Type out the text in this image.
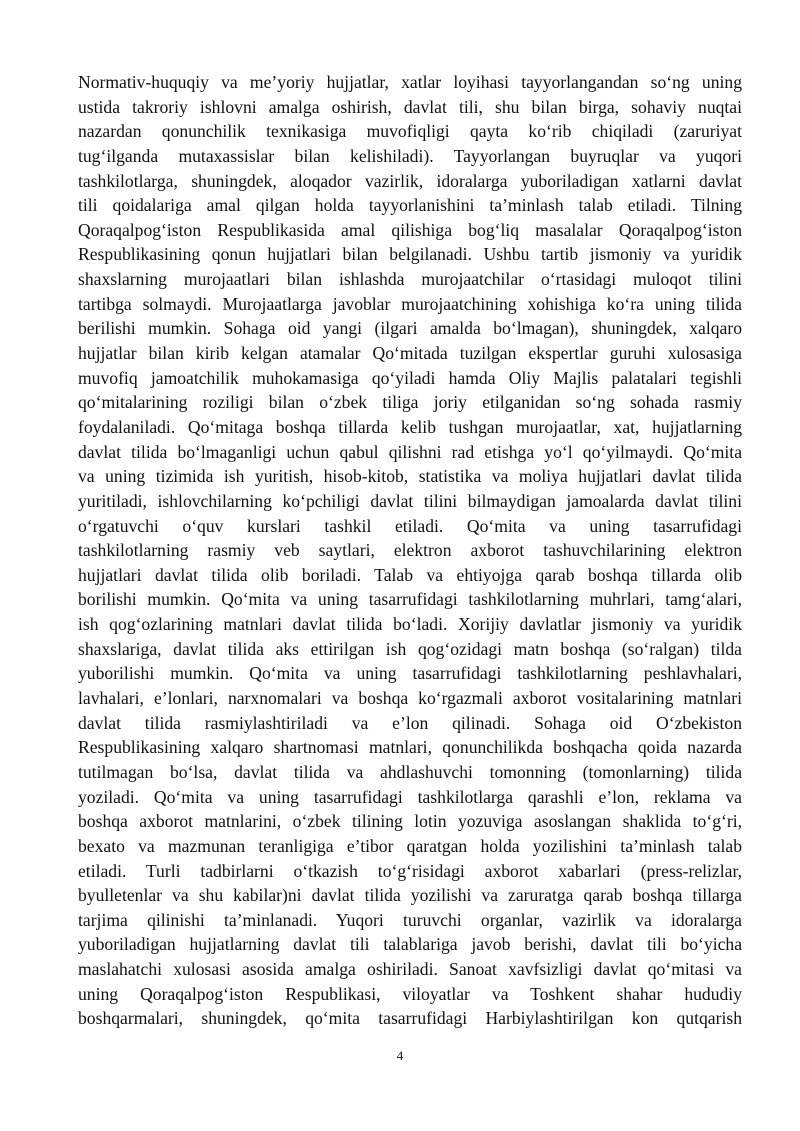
Normativ-huquqiy va me’yoriy hujjatlar, xatlar loyihasi tayyorlangandan so‘ng uning
ustida takroriy ishlovni amalga oshirish, davlat tili, shu bilan birga, sohaviy nuqtai
nazardan qonunchilik texnikasiga muvofiqligi qayta ko‘rib chiqiladi (zaruriyat
tug‘ilganda mutaxassislar bilan kelishiladi). Tayyorlangan buyruqlar va yuqori
tashkilotlarga, shuningdek, aloqador vazirlik, idoralarga yuboriladigan xatlarni davlat
tili qoidalariga amal qilgan holda tayyorlanishini ta’minlash talab etiladi. Tilning
Qoraqalpog‘iston Respublikasida amal qilishiga bog‘liq masalalar Qoraqalpog‘iston
Respublikasining qonun hujjatlari bilan belgilanadi. Ushbu tartib jismoniy va yuridik
shaxslarning murojaatlari bilan ishlashda murojaatchilar o‘rtasidagi muloqot tilini
tartibga solmaydi. Murojaatlarga javoblar murojaatchining xohishiga ko‘ra uning tilida
berilishi mumkin. Sohaga oid yangi (ilgari amalda bo‘lmagan), shuningdek, xalqaro
hujjatlar bilan kirib kelgan atamalar Qo‘mitada tuzilgan ekspertlar guruhi xulosasiga
muvofiq jamoatchilik muhokamasiga qo‘yiladi hamda Oliy Majlis palatalari tegishli
qo‘mitalarining roziligi bilan o‘zbek tiliga joriy etilganidan so‘ng sohada rasmiy
foydalaniladi. Qo‘mitaga boshqa tillarda kelib tushgan murojaatlar, xat, hujjatlarning
davlat tilida bo‘lmaganligi uchun qabul qilishni rad etishga yo‘l qo‘yilmaydi. Qo‘mita
va uning tizimida ish yuritish, hisob-kitob, statistika va moliya hujjatlari davlat tilida
yuritiladi, ishlovchilarning ko‘pchiligi davlat tilini bilmaydigan jamoalarda davlat tilini
o‘rgatuvchi o‘quv kurslari tashkil etiladi. Qo‘mita va uning tasarrufidagi
tashkilotlarning rasmiy veb saytlari, elektron axborot tashuvchilarining elektron
hujjatlari davlat tilida olib boriladi. Talab va ehtiyojga qarab boshqa tillarda olib
borilishi mumkin. Qo‘mita va uning tasarrufidagi tashkilotlarning muhrlari, tamg‘alari,
ish qog‘ozlarining matnlari davlat tilida bo‘ladi. Xorijiy davlatlar jismoniy va yuridik
shaxslariga, davlat tilida aks ettirilgan ish qog‘ozidagi matn boshqa (so‘ralgan) tilda
yuborilishi mumkin. Qo‘mita va uning tasarrufidagi tashkilotlarning peshlavhalari,
lavhalari, e’lonlari, narxnomalari va boshqa ko‘rgazmali axborot vositalarining matnlari
davlat tilida rasmiylashtiriladi va e’lon qilinadi. Sohaga oid O‘zbekiston
Respublikasining xalqaro shartnomasi matnlari, qonunchilikda boshqacha qoida nazarda
tutilmagan bo‘lsa, davlat tilida va ahdlashuvchi tomonning (tomonlarning) tilida
yoziladi. Qo‘mita va uning tasarrufidagi tashkilotlarga qarashli e’lon, reklama va
boshqa axborot matnlarini, o‘zbek tilining lotin yozuviga asoslangan shaklida to‘g‘ri,
bexato va mazmunan teranligiga e’tibor qaratgan holda yozilishini ta’minlash talab
etiladi. Turli tadbirlarni o‘tkazish to‘g‘risidagi axborot xabarlari (press-relizlar,
byulletenlar va shu kabilar)ni davlat tilida yozilishi va zaruratga qarab boshqa tillarga
tarjima qilinishi ta’minlanadi. Yuqori turuvchi organlar, vazirlik va idoralarga
yuboriladigan hujjatlarning davlat tili talablariga javob berishi, davlat tili bo‘yicha
maslahatchi xulosasi asosida amalga oshiriladi. Sanoat xavfsizligi davlat qo‘mitasi va
uning Qoraqalpog‘iston Respublikasi, viloyatlar va Toshkent shahar hududiy
boshqarmalari, shuningdek, qo‘mita tasarrufidagi Harbiylashtirilgan kon qutqarish
4
